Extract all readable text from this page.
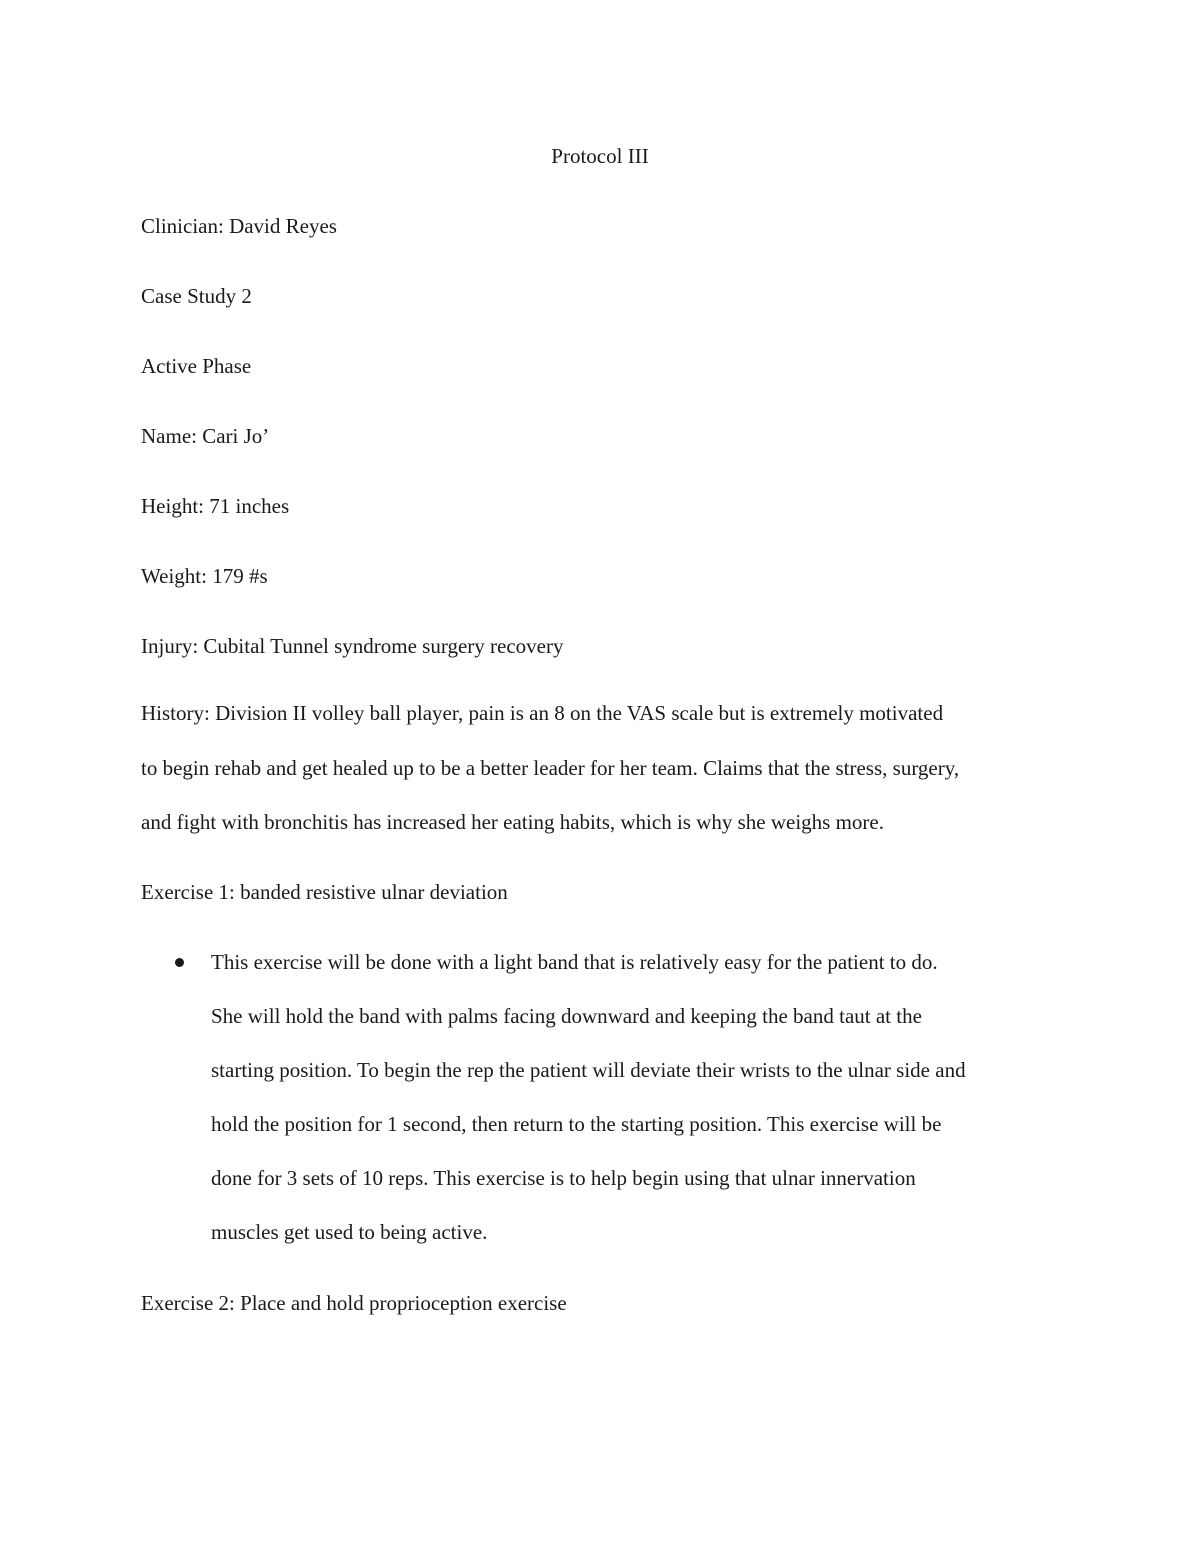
Protocol III

Clinician: David Reyes

Case Study 2

Active Phase

Name: Cari Jo’

Height: 71 inches

Weight: 179 #s

Injury: Cubital Tunnel syndrome surgery recovery

History: Division II volley ball player, pain is an 8 on the VAS scale but is extremely motivated
to begin rehab and get healed up to be a better leader for her team. Claims that the stress, surgery,
and fight with bronchitis has increased her eating habits, which is why she weighs more.

Exercise 1: banded resistive ulnar deviation

This exercise will be done with a light band that is relatively easy for the patient to do.
She will hold the band with palms facing downward and keeping the band taut at the
starting position. To begin the rep the patient will deviate their wrists to the ulnar side and
hold the position for 1 second, then return to the starting position. This exercise will be
done for 3 sets of 10 reps. This exercise is to help begin using that ulnar innervation
muscles get used to being active.

Exercise 2: Place and hold proprioception exercise
